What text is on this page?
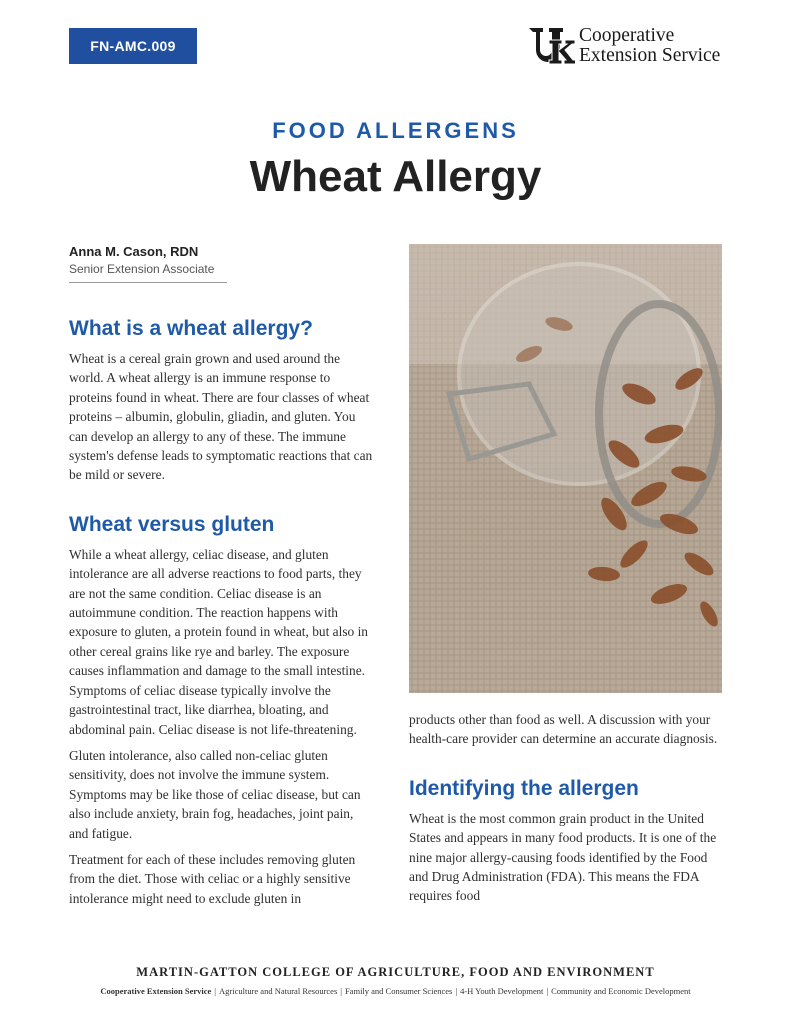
FN-AMC.009	Cooperative
Extension Service
FOOD ALLERGENS
Wheat Allergy
Anna M. Cason, RDN
Senior Extension Associate
What is a wheat allergy?

Wheat is a cereal grain grown and used around the world. A wheat allergy is an immune response to proteins found in wheat. There are four classes of wheat proteins – albumin, globulin, gliadin, and gluten. You can develop an allergy to any of these. The immune system's defense leads to symptomatic reactions that can be mild or severe.

Wheat versus gluten

While a wheat allergy, celiac disease, and gluten intolerance are all adverse reactions to food parts, they are not the same condition. Celiac disease is an autoimmune condition. The reaction happens with exposure to gluten, a protein found in wheat, but also in other cereal grains like rye and barley. The exposure causes inflammation and damage to the small intestine. Symptoms of celiac disease typically involve the gastrointestinal tract, like diarrhea, bloating, and abdominal pain. Celiac disease is not life-threatening.

Gluten intolerance, also called non-celiac gluten sensitivity, does not involve the immune system. Symptoms may be like those of celiac disease, but can also include anxiety, brain fog, headaches, joint pain, and fatigue.

Treatment for each of these includes removing gluten from the diet. Those with celiac or a highly sensitive intolerance might need to exclude gluten in

products other than food as well. A discussion with your health-care provider can determine an accurate diagnosis.

Identifying the allergen

Wheat is the most common grain product in the United States and appears in many food products. It is one of the nine major allergy-causing foods identified by the Food and Drug Administration (FDA). This means the FDA requires food

MARTIN-GATTON COLLEGE OF AGRICULTURE, FOOD AND ENVIRONMENT
Cooperative Extension Service | Agriculture and Natural Resources | Family and Consumer Sciences | 4-H Youth Development | Community and Economic Development
